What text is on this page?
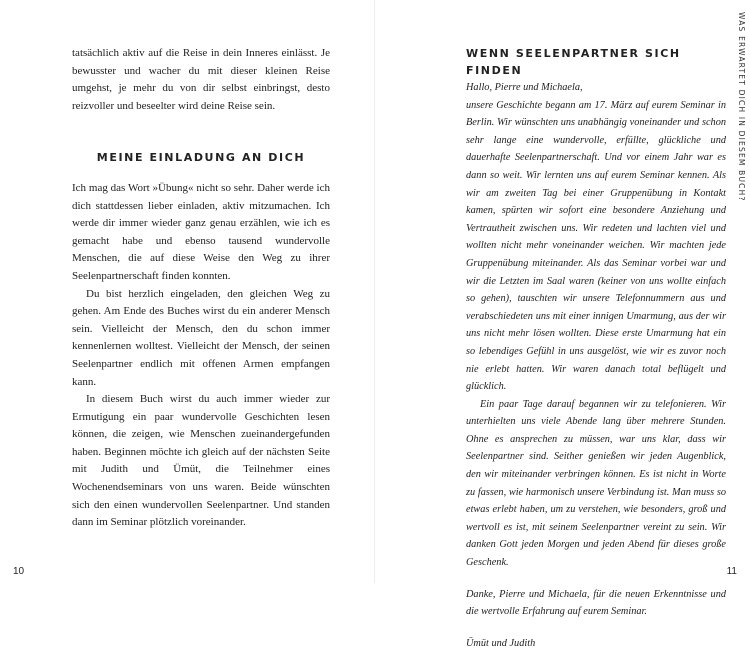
tatsächlich aktiv auf die Reise in dein Inneres einlässt. Je bewusster und wacher du mit dieser kleinen Reise umgehst, je mehr du von dir selbst einbringst, desto reizvoller und beseelter wird deine Reise sein.

MEINE EINLADUNG AN DICH

Ich mag das Wort »Übung« nicht so sehr. Daher werde ich dich stattdessen lieber einladen, aktiv mitzumachen. Ich werde dir immer wieder ganz genau erzählen, wie ich es gemacht habe und ebenso tausend wundervolle Menschen, die auf diese Weise den Weg zu ihrer Seelenpartnerschaft finden konnten.

Du bist herzlich eingeladen, den gleichen Weg zu gehen. Am Ende des Buches wirst du ein anderer Mensch sein. Vielleicht der Mensch, den du schon immer kennenlernen wolltest. Vielleicht der Mensch, der seinen Seelenpartner endlich mit offenen Armen empfangen kann.

In diesem Buch wirst du auch immer wieder zur Ermutigung ein paar wundervolle Geschichten lesen können, die zeigen, wie Menschen zueinandergefunden haben. Beginnen möchte ich gleich auf der nächsten Seite mit Judith und Ümüt, die Teilnehmer eines Wochenendseminars von uns waren. Beide wünschten sich den einen wundervollen Seelenpartner. Und standen dann im Seminar plötzlich voreinander.

10
WENN SEELENPARTNER SICH FINDEN

Hallo, Pierre und Michaela,

unsere Geschichte begann am 17. März auf eurem Seminar in Berlin. Wir wünschten uns unabhängig voneinander und schon sehr lange eine wundervolle, erfüllte, glückliche und dauerhafte Seelenpartnerschaft. Und vor einem Jahr war es dann so weit. Wir lernten uns auf eurem Seminar kennen. Als wir am zweiten Tag bei einer Gruppenübung in Kontakt kamen, spürten wir sofort eine besondere Anziehung und Vertrautheit zwischen uns. Wir redeten und lachten viel und wollten nicht mehr voneinander weichen. Wir machten jede Gruppenübung miteinander. Als das Seminar vorbei war und wir die Letzten im Saal waren (keiner von uns wollte einfach so gehen), tauschten wir unsere Telefonnummern aus und verabschiedeten uns mit einer innigen Umarmung, aus der wir uns nicht mehr lösen wollten. Diese erste Umarmung hat ein so lebendiges Gefühl in uns ausgelöst, wie wir es zuvor noch nie erlebt hatten. Wir waren danach total beflügelt und glücklich.

Ein paar Tage darauf begannen wir zu telefonieren. Wir unterhielten uns viele Abende lang über mehrere Stunden. Ohne es ansprechen zu müssen, war uns klar, dass wir Seelenpartner sind. Seither genießen wir jeden Augenblick, den wir miteinander verbringen können. Es ist nicht in Worte zu fassen, wie harmonisch unsere Verbindung ist. Man muss so etwas erlebt haben, um zu verstehen, wie besonders, groß und wertvoll es ist, mit seinem Seelenpartner vereint zu sein. Wir danken Gott jeden Morgen und jeden Abend für dieses große Geschenk.

Danke, Pierre und Michaela, für die neuen Erkenntnisse und die wertvolle Erfahrung auf eurem Seminar.

Ümüt und Judith

WAS ERWARTET DICH IN DIESEM BUCH?
11
